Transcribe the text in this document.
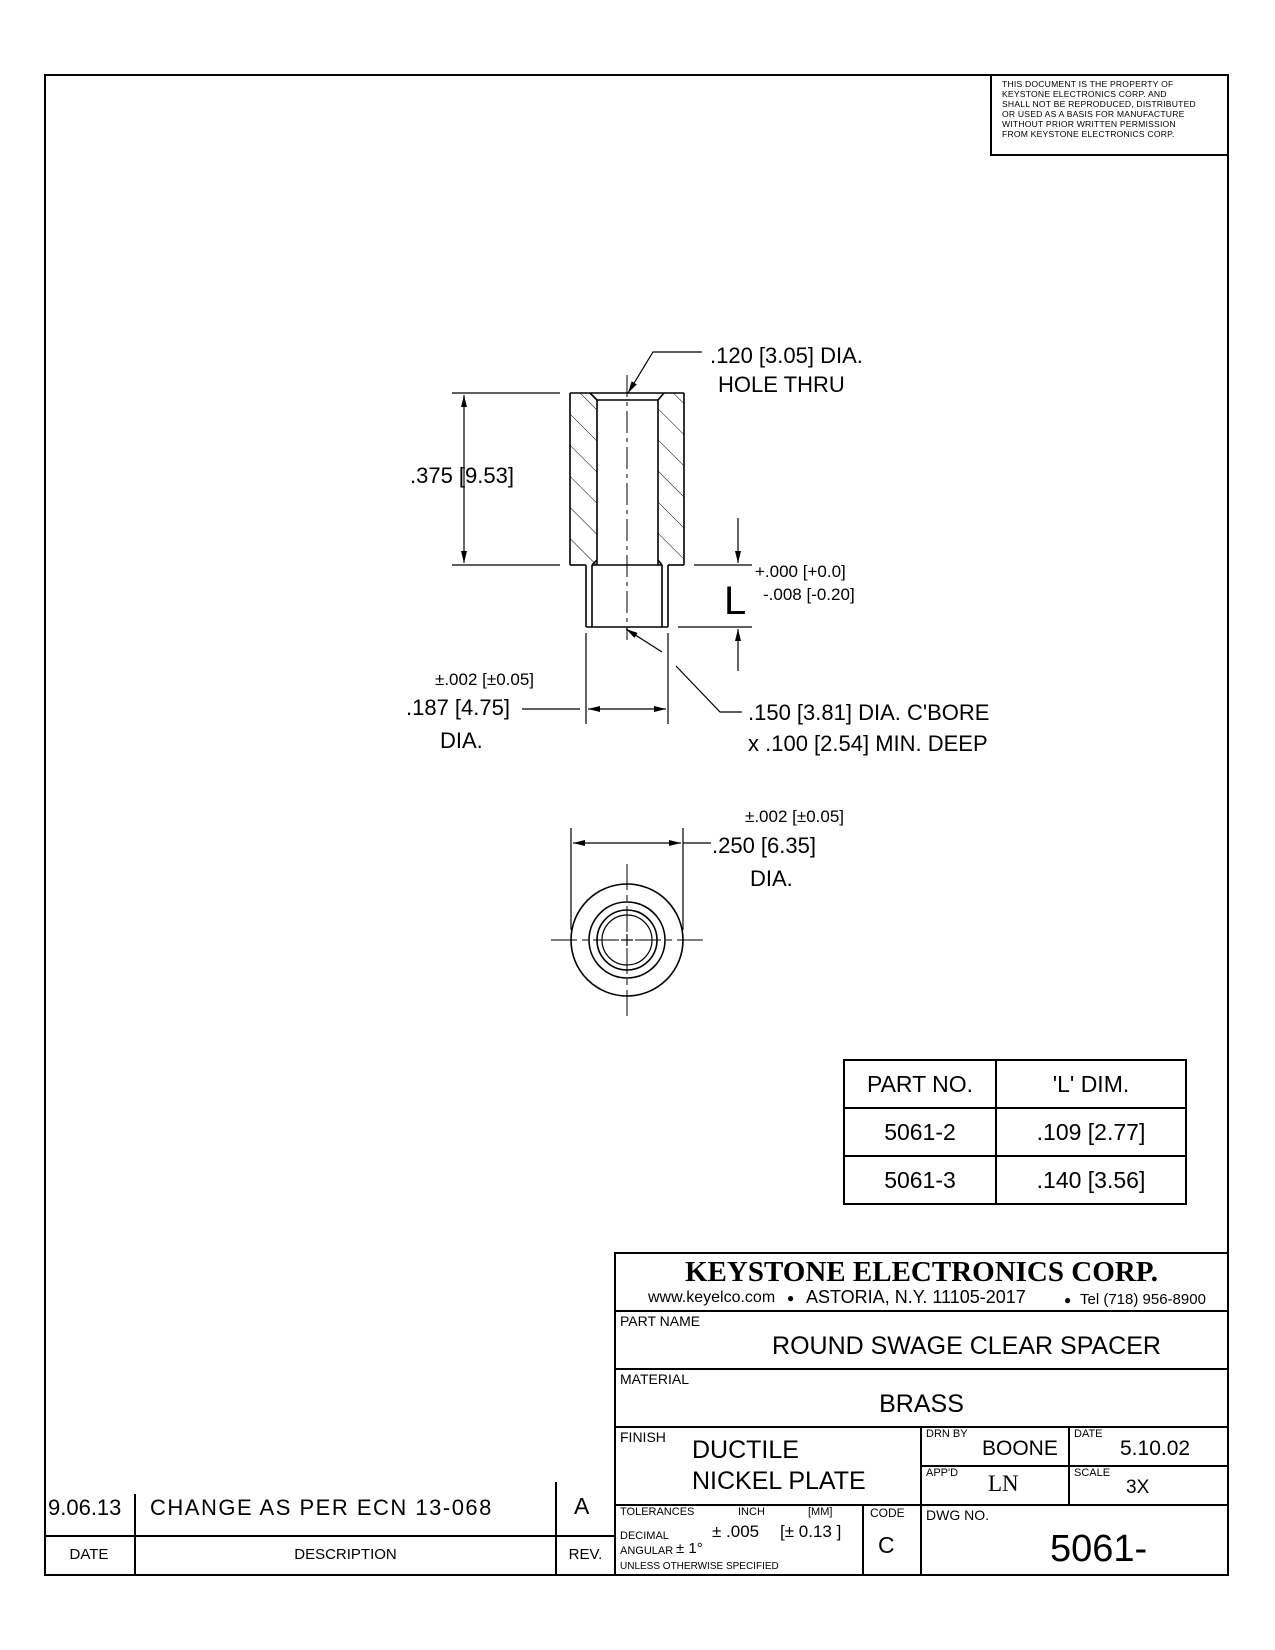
THIS DOCUMENT IS THE PROPERTY OF
KEYSTONE ELECTRONICS CORP. AND
SHALL NOT BE REPRODUCED, DISTRIBUTED
OR USED AS A BASIS FOR MANUFACTURE
WITHOUT PRIOR WRITTEN PERMISSION
FROM KEYSTONE ELECTRONICS CORP.
.120 [3.05] DIA.
HOLE THRU
.375 [9.53]
L
+.000 [+0.0]
-.008 [-0.20]
±.002 [±0.05]
.187 [4.75]
DIA.
.150 [3.81] DIA. C'BORE
x .100 [2.54] MIN. DEEP
±.002 [±0.05]
.250 [6.35]
DIA.
PART NO.	'L' DIM.
5061-2	.109 [2.77]
5061-3	.140 [3.56]
KEYSTONE ELECTRONICS CORP.
www.keyelco.com ● ASTORIA, N.Y. 11105-2017	● Tel (718) 956-8900
PART NAME
ROUND SWAGE CLEAR SPACER
MATERIAL
BRASS
FINISH DUCTILE
NICKEL PLATE
DRN BY
BOONE
DATE
5.10.02
APP'D LN	SCALE
3X
TOLERANCES	INCH	[MM]	CODE
DECIMAL	± .005 [± 0.13 ]
ANGULAR ± 1°
UNLESS OTHERWISE SPECIFIED
C
DWG NO.
5061-
9.06.13 CHANGE AS PER ECN 13-068	A
DATE	DESCRIPTION	REV.
